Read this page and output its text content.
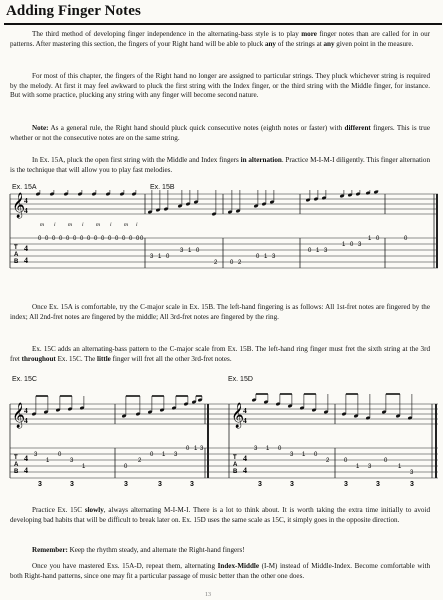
Adding Finger Notes
The third method of developing finger independence in the alternating-bass style is to play more finger notes than are called for in our patterns. After mastering this section, the fingers of your Right hand will be able to pluck any of the strings at any given point in the measure.
For most of this chapter, the fingers of the Right hand no longer are assigned to particular strings. They pluck whichever string is required by the melody. At first it may feel awkward to pluck the first string with the Index finger, or the third string with the Middle finger, for instance. But with some practice, plucking any string with any finger will become second nature.
Note: As a general rule, the Right hand should pluck quick consecutive notes (eighth notes or faster) with different fingers. This is true whether or not the consecutive notes are on the same string.
In Ex. 15A, pluck the open first string with the Middle and Index fingers in alternation. Practice M-I-M-I diligently. This finger alternation is the technique that will allow you to play fast melodies.
Ex. 15A	Ex. 15B
𝄞
4
4
T
A
B
4
4
m i m i m i m i
0 0 0 0 0 0 0 0 0 0 0 0 0 0 0 0
3 1 0
3 1 0
2 0 2
0 1 3
0 1 3
1 0 3
1 0	0
Once Ex. 15A is comfortable, try the C-major scale in Ex. 15B. The left-hand fingering is as follows: All 1st-fret notes are fingered by the index; All 2nd-fret notes are fingered by the middle; All 3rd-fret notes are fingered by the ring.
Ex. 15C adds an alternating-bass pattern to the C-major scale from Ex. 15B. The left-hand ring finger must fret the sixth string at the 3rd fret throughout Ex. 15C. The little finger will fret all the other 3rd-fret notes.
Ex. 15C	Ex. 15D
𝄞	𝄞
4
4
4
4
T
A
B
T
A
B
4
4
4
4
3
1
0
3
1	0
2
0 1 3
0 1 3
3	3	3	3	3
3 1 0
3 1 0
2 0
1 3
0
1
3
3	3	3	3	3
Practice Ex. 15C slowly, always alternating M-I-M-I. There is a lot to think about. It is worth taking the extra time initially to avoid developing bad habits that will be difficult to break later on. Ex. 15D uses the same scale as 15C, it simply goes in the opposite direction.
Remember: Keep the rhythm steady, and alternate the Right-hand fingers!
Once you have mastered Exs. 15A-D, repeat them, alternating Index-Middle (I-M) instead of Middle-Index. Become comfortable with both Right-hand patterns, since one may fit a particular passage of music better than the other one does.
13
